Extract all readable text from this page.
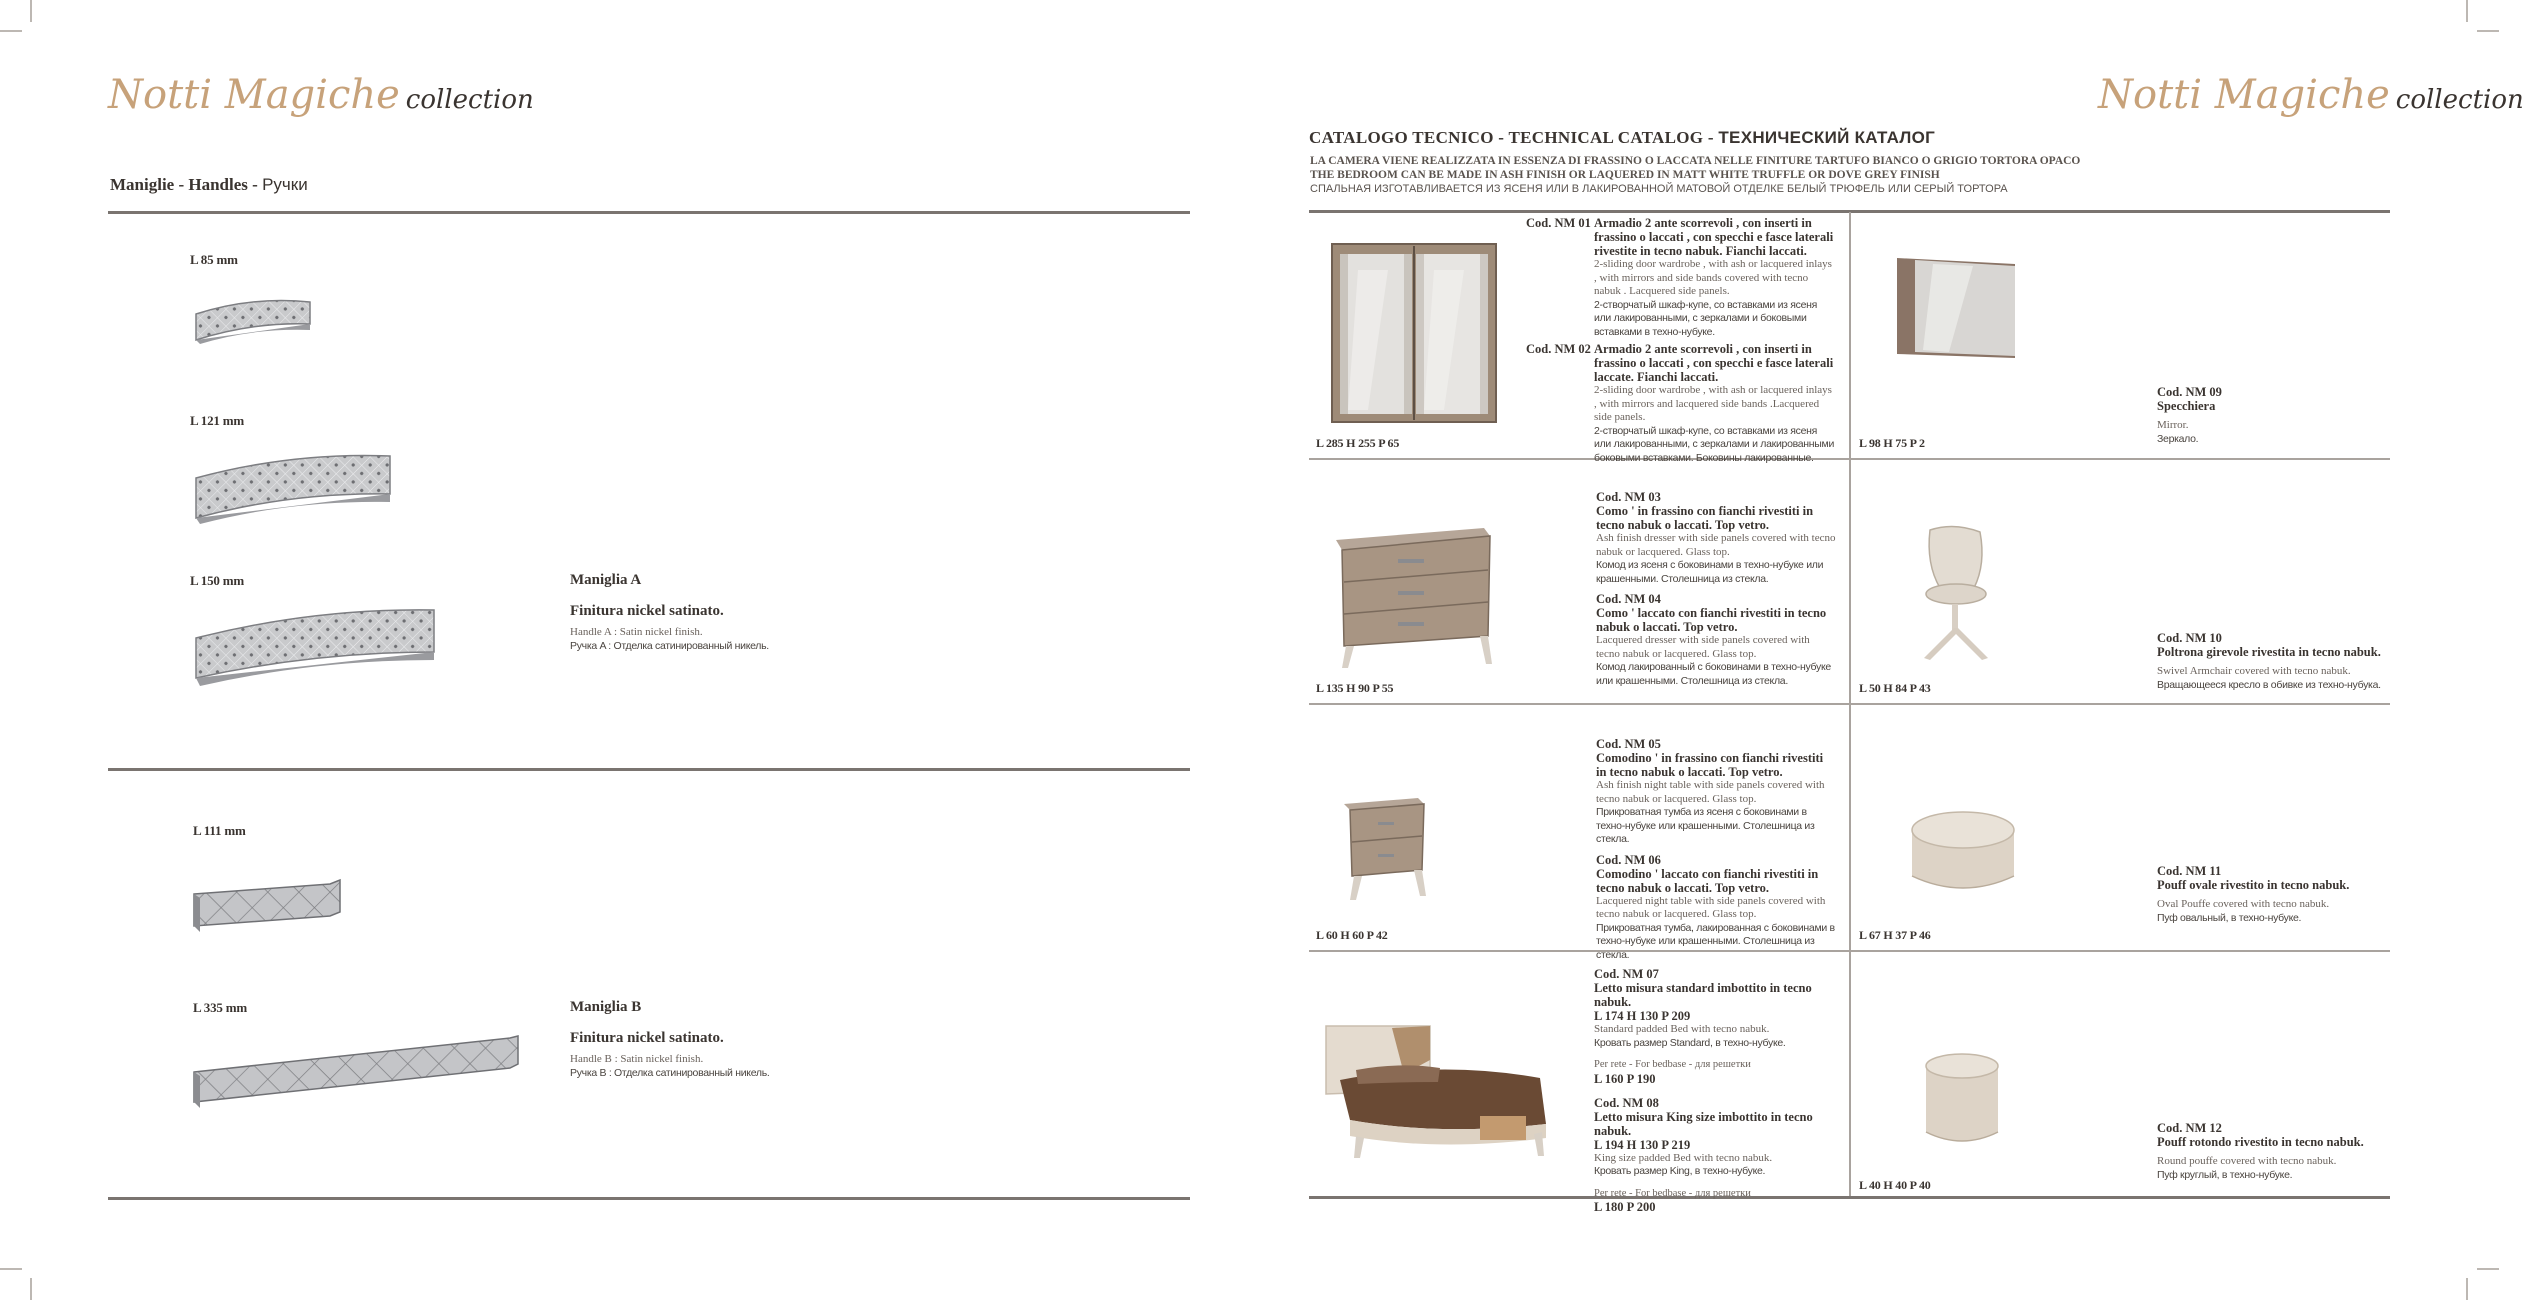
Notti Magiche collection
Maniglie - Handles - Ручки
L 85 mm
L 121 mm
L 150 mm	Maniglia A
Finitura nickel satinato.
Handle A : Satin nickel finish.
Ручка A : Отделка сатинированный никель.
L 111 mm
L 335 mm	Maniglia B
Finitura nickel satinato.
Handle B : Satin nickel finish.
Ручка B : Отделка сатинированный никель.
Notti Magiche collection
CATALOGO TECNICO - TECHNICAL CATALOG - ТЕХНИЧЕСКИЙ КАТАЛОГ
LA CAMERA VIENE REALIZZATA IN ESSENZA DI FRASSINO O LACCATA NELLE FINITURE TARTUFO BIANCO O GRIGIO TORTORA OPACO
THE BEDROOM CAN BE MADE IN ASH FINISH OR LAQUERED IN MATT WHITE TRUFFLE OR DOVE GREY FINISH
СПАЛЬНАЯ ИЗГОТАВЛИВАЕТСЯ ИЗ ЯСЕНЯ ИЛИ В ЛАКИРОВАННОЙ МАТОВОЙ ОТДЕЛКЕ БЕЛЫЙ ТРЮФЕЛЬ ИЛИ СЕРЫЙ ТОРТОРА
L 285 H 255 P 65
Cod. NM 01 Armadio 2 ante scorrevoli , con inserti in frassino o laccati , con specchi e fasce laterali rivestite in tecno nabuk. Fianchi laccati.
2-sliding door wardrobe , with ash or lacquered inlays , with mirrors and side bands covered with tecno nabuk . Lacquered side panels.
2-створчатый шкаф-купе, со вставками из ясеня или лакированными, с зеркалами и боковыми вставками в техно-нубуке.
Cod. NM 02 Armadio 2 ante scorrevoli , con inserti in frassino o laccati , con specchi e fasce laterali laccate. Fianchi laccati.
2-sliding door wardrobe , with ash or lacquered inlays , with mirrors and lacquered side bands .Lacquered side panels.
2-створчатый шкаф-купе, со вставками из ясеня или лакированными, с зеркалами и лакированными боковыми вставками. Боковины лакированные.
L 98 H 75 P 2
Cod. NM 09
Specchiera
Mirror.
Зеркало.
L 135 H 90 P 55
Cod. NM 03
Como ' in frassino con fianchi rivestiti in tecno nabuk o laccati. Top vetro.
Ash finish dresser with side panels covered with tecno nabuk or lacquered. Glass top.
Комод из ясеня с боковинами в техно-нубуке или крашенными. Столешница из стекла.
Cod. NM 04
Como ' laccato con fianchi rivestiti in tecno nabuk o laccati. Top vetro.
Lacquered dresser with side panels covered with tecno nabuk or lacquered. Glass top.
Комод лакированный с боковинами в техно-нубуке или крашенными. Столешница из стекла.
L 50 H 84 P 43
Cod. NM 10
Poltrona girevole rivestita in tecno nabuk.
Swivel Armchair covered with tecno nabuk.
Вращающееся кресло в обивке из техно-нубука.
L 60 H 60 P 42
Cod. NM 05
Comodino ' in frassino con fianchi rivestiti in tecno nabuk o laccati. Top vetro.
Ash finish night table with side panels covered with tecno nabuk or lacquered. Glass top.
Прикроватная тумба из ясеня с боковинами в техно-нубуке или крашенными. Столешница из стекла.
Cod. NM 06
Comodino ' laccato con fianchi rivestiti in tecno nabuk o laccati. Top vetro.
Lacquered night table with side panels covered with tecno nabuk or lacquered. Glass top.
Прикроватная тумба, лакированная с боковинами в техно-нубуке или крашенными. Столешница из стекла.
L 67 H 37 P 46
Cod. NM 11
Pouff ovale rivestito in tecno nabuk.
Oval Pouffe covered with tecno nabuk.
Пуф овальный, в техно-нубуке.
Cod. NM 07
Letto misura standard imbottito in tecno nabuk.
L 174 H 130 P 209
Standard padded Bed with tecno nabuk.
Кровать размер Standard, в техно-нубуке.
Per rete - For bedbase - для решетки
L 160 P 190
Cod. NM 08
Letto misura King size imbottito in tecno nabuk.
L 194 H 130 P 219
King size padded Bed with tecno nabuk.
Кровать размер King, в техно-нубуке.
Per rete - For bedbase - для решетки
L 180 P 200
L 40 H 40 P 40
Cod. NM 12
Pouff rotondo rivestito in tecno nabuk.
Round pouffe covered with tecno nabuk.
Пуф круглый, в техно-нубуке.
